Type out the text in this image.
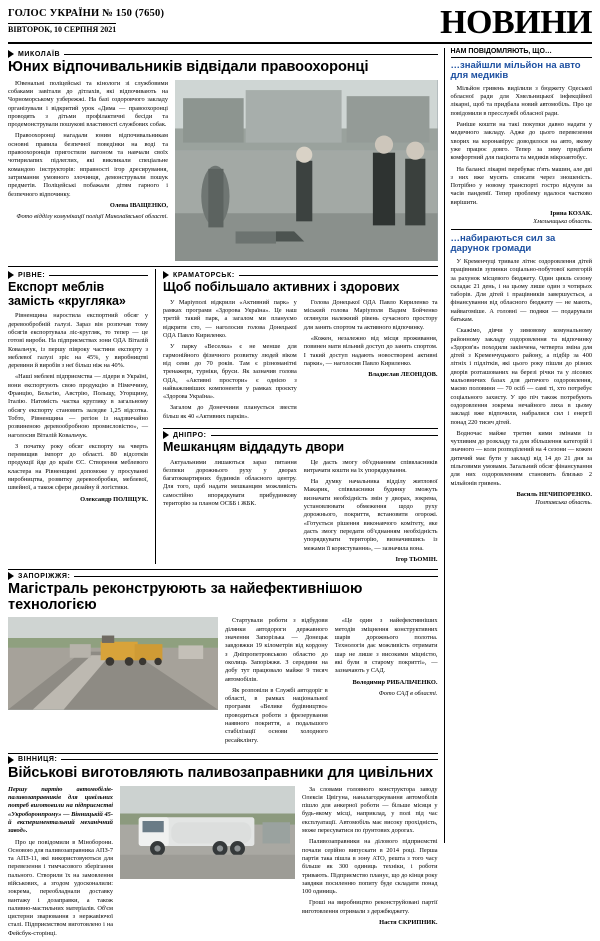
ГОЛОС УКРАЇНИ № 150 (7650)
ВІВТОРОК, 10 СЕРПНЯ 2021	НОВИНИ
МИКОЛАЇВ
Юних відпочивальників відвідали правоохоронці

Ювенальні поліцейські та кінологи зі службовими собаками завітали до дітлахів, які відпочивають на Чорноморському узбережжі. На базі оздоровчого закладу організували і відкритий урок «Дима — правоохоронці проводять з дітьми профілактичні бесіди та продемонстрували пошукові властивості службових собак.

Правоохоронці нагадали юним відпочивальникам основні правила безпечної поведінки на воді та правоохоронців пригостили вагоном та навчали своїх чотирилапих підлеглих, які викликали спеціальне командою інструкторів: вправності ігор дресирування, затримання умовного злочинця, демонстрували пошук предметів. Поліцейські побажали дітям гарного і безпечного відпочинку.

Олена ІВАЩЕНКО,
Фото відділу комунікації поліції Миколаївської області.
РІВНЕ:
Експорт меблів замість «кругляка»

Рівненщина наростила експортний обсяг у деревообробній галузі. Зараз він розпочав тому обсягів експортувала ліс-кругляк, то тепер — це готові вироби. На підприємствах зони ОДА Віталій Ковальчук, із першу півроку частини експорту з меблевої галузі зріс на 45%, у виробництві деревини й виробів з неї більш ніж на 40%.

«Наші меблеві підприємства — лідери в Україні, вони експортують свою продукцію в Німеччину, Францію, Бельгію, Австрію, Польщу, Угорщину, Італію. Натомість частка кругляку в загальному обсягу експорту становить заледве 1,25 відсотка. Тобто, Рівненщина — регіон із надзвичайно розвиненою деревообробною промисловістю», — наголосив Віталій Ковальчук.

З початку року обсяг експорту на чверть перевищив імпорт до області. 80 відсотків продукції йде до країн ЄС. Створення меблевого кластера на Рівненщині допоможе у просуванні виробництва, розвитку деревообробки, меблевої, швейної, а також сфери дизайну й логістики.

Олександр ПОЛІЩУК.
КРАМАТОРСЬК:
Щоб побільшало активних і здорових

У Маріуполі відкрили «Активний парк» у рамках програми «Здорова Україна». Це наш третій такий парк, а загалом ми плануємо відкрити сто, — наголосив голова Донецької ОДА Павло Кириленко.

У парку «Веселка» є не менше для гармонійного фізичного розвитку людей віком від семи до 70 років. Там є різноманітні тренажери, турніки, бруси. Як зазначив голова ОДА, «Активні простори» є однією з найважливіших компонентів у рамках проєкту «Здорова Україна».

Загалом до Донеччини планується звести більш як 40 «Активних парків».

Голова Донецької ОДА Павло Кириленко та міський голова Маріуполя Вадим Бойченко оглянули належний рівень сучасного простору для занять спортом та активного відпочинку.

«Кожен, незалежно від місця проживання, повинен мати вільний доступ до занять спортом. І такий доступ надають новостворені активні парки», — наголосив Павло Кириленко.

Владислав ЛЕОНІДОВ.
ДНІПРО:
Мешканцям віддадуть двори

Актуальними лишаються зараз питання безпеки дорожнього руху у дворах багатоквартирних будинків обласного центру. Для того, щоб надати мешканцям можливість самостійно впорядкувати прибудинкову територію за планом ОСББ і ЖБК.

Це дасть змогу об'єднанням співвласників витрачати кошти на їх упорядкування.

На думку начальника відділу житлової Макарик, співвласники будинку зможуть визначати необхідність змін у дворах, зокрема, установлювати обмеження щодо руху дорожнього, покриття, встановити огорожі. «Готується рішення виконавчого комітету, яке дасть змогу передати об'єднанням необхідність упорядкувати територію, визначившись із межами її користування», — зазначила вона.

Ігор ТЬОМІН.
ЗАПОРІЖЖЯ:
Магістраль реконструюють за найефективнішою технологією

Стартували роботи з відбудови ділянки автодороги державного значення Запорізька — Донецьк завдовжки 19 кілометрів від кордону з Дніпропетровською областю до околиць Запоріжжя. З середини на добу тут працювало майже 9 тисяч автомобілів.

Як розповіли в Службі автодоріг в області, в рамках національної програми «Велике будівництво» проводиться роботи з фрезерування наявного покриття, а подальшого стабілізації основи холодного ресайклінгу.

«Це один з найефективніших методів зміцнення конструктивних шарів дорожнього полотна. Технологія дає можливість отримати шар не лише з високими міцністю, які були в старому покритті», — зазначають у САД.

Володимир РИБАЛЬЧЕНКО.
Фото САД в області.
ВІННИЦЯ:
Військові виготовляють паливозаправники для цивільних

Першу партію автомобілів-паливозаправників для цивільних потреб виготовили на підприємстві «Укроборонпрому» — Вінницькій 45-й експериментальний механічний завод».

Про це повідомили в Міноборони. Основою для паливозаправника АПЗ-7 та АПЗ-11, які використовуються для перевезення і тимчасового зберігання пального. Створили їх на замовлення військових, а згодом удосконалили: зокрема, переобладнали доставку вантажу і дозаправки, а також паливно-мастильних матеріалів. Об'єм цистерни зварювання з нержавіючої сталі. Підприємством виготовлено і на Фейсбук-сторінці.

За словами головного конструктора заводу Олексія Цвігуна, наналагоджування автомобілів пішло для анкерної роботи — більше місяця у будь-якому місці, наприклад, у полі під час експлуатації. Автомобіль має високу прохідність, може пересуватися по ґрунтових дорогах.

Паливозаправники на ділового підприємстві почали серійно випускати в 2014 році. Перша партія така пішла в зону АТО, решта з того часу більше як 300 одиниць техніки, і роботи тривають. Підприємство планує, що до кінця року завдяки посиленню попиту буде складати понад 100 одиниць.

Гроші на виробництво реконструйовані партії виготовлення отримали з держбюджету.

Настя СКРИПНИК.
НАМ ПОВІДОМЛЯЮТЬ, ЩО…
…знайшли мільйон на авто для медиків

Мільйон гривень виділили з бюджету Одеської обласної ради для Хмельницької інфекційної лікарні, щоб та придбала новий автомобіль. Про це повідомили в пресслужбі обласної ради.

Раніше кошти на такі покупки давно надати у медичного закладу. Адже до цього перевезення хворих на коронавірус доводилося на авто, якому уже працює довго. Тепер за зиму придбати комфортний для пацієнта та медиків мікроавтобус.

На балансі лікарні перебуває п'ять машин, але дві з них вже мусять списати через зношеність. Потрібно у новому транспорті гостро відчули за часів пандемії. Тепер проблему вдалося частково вирішити.

Ірина КОЗАК.
Хмельницька область.
…набираються сил за дарунок громади

У Кременчуці тривале літнє оздоровлення дітей працівників зупинки соціально-побутової категорій за рахунок місцевого бюджету. Один цикль сезону складає 21 день, і на цьому лише один з чотирьох таборів. Для дітей і працівників завершується, а фінансування від обласного бюджету — не мають, найвагоміше. А головні — подяки — подарували батькам.

Скажімо, дівчи у зимовому комунальному районному закладу оздоровлення та відпочинку «Здоров'я» походили закінчена, четверта зміна для дітей з Кременчуцького району, а підбір за 400 літніх і підлітків, які цього року пішли до різних дворів розташованих на березі річки та у лісових мальовничих базах для дитячого оздоровлення, маємо половини — 70 осіб — самі ті, хто потребує соціального захисту. У цю піч також потребують оздоровлення зокрема нечайного лиха в цьому закладі вже відпочили, набралися сил і енергії понад 220 тисяч дітей.

Водночас майже третин кими змінами із чутливим до розкладу та для збільшення категорій і значного — коли розподілений на 4 сезони — кожен дитячий має бути у закладі від 14 до 21 дня за пільговими умовами. Загальний обсяг фінансування для них оздоровленням становить близько 2 мільйонів гривень.

Василь НЕЧИПОРЕНКО.
Полтавська область.
